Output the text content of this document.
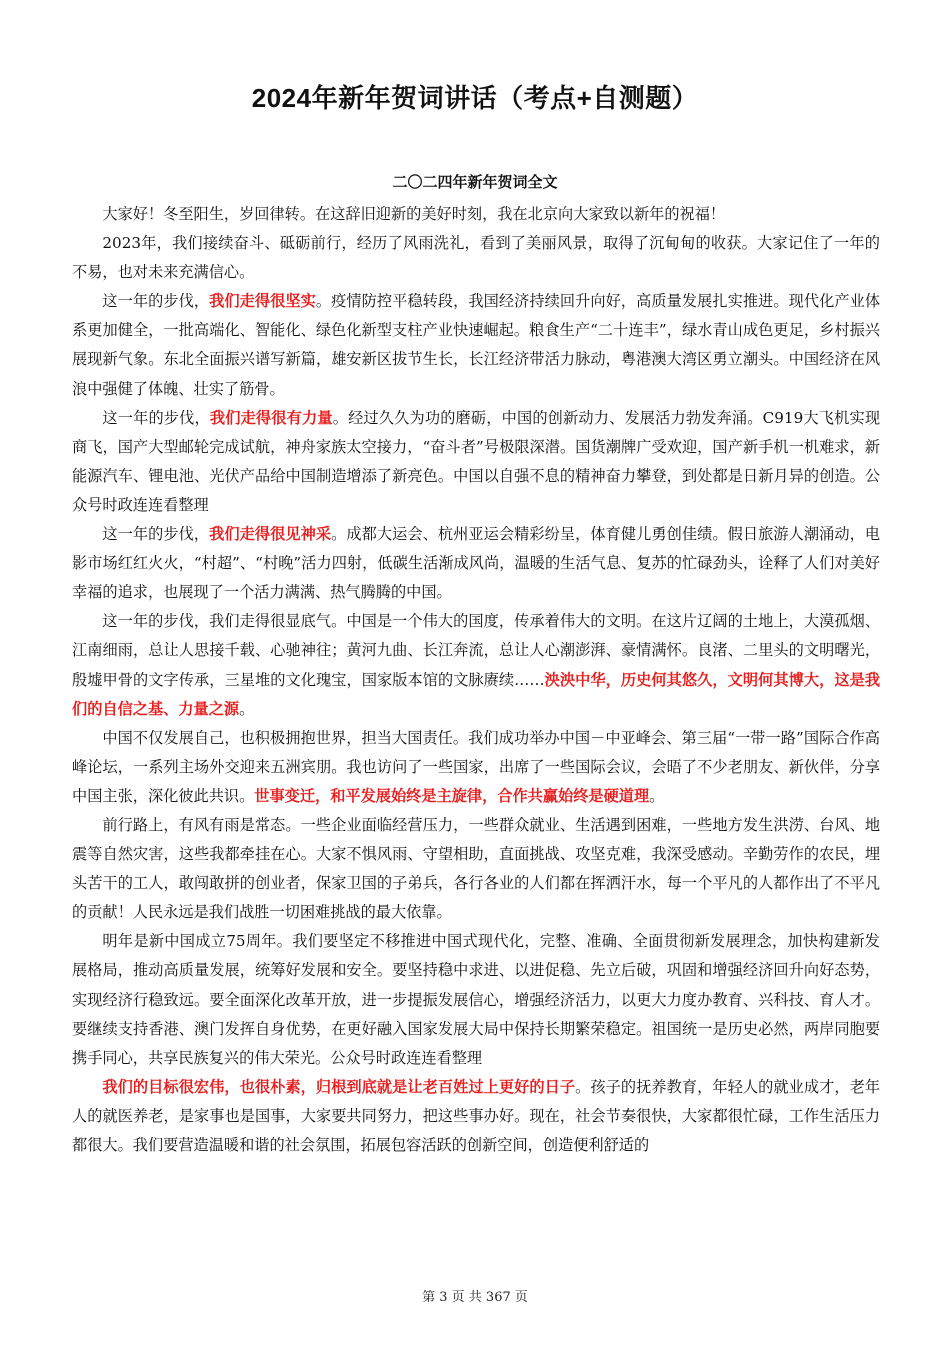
2024年新年贺词讲话（考点+自测题）
二〇二四年新年贺词全文

大家好！冬至阳生，岁回律转。在这辞旧迎新的美好时刻，我在北京向大家致以新年的祝福！

2023年，我们接续奋斗、砥砺前行，经历了风雨洗礼，看到了美丽风景，取得了沉甸甸的收获。大家记住了一年的不易，也对未来充满信心。

这一年的步伐，我们走得很坚实。疫情防控平稳转段，我国经济持续回升向好，高质量发展扎实推进。现代化产业体系更加健全，一批高端化、智能化、绿色化新型支柱产业快速崛起。粮食生产“二十连丰”，绿水青山成色更足，乡村振兴展现新气象。东北全面振兴谱写新篇，雄安新区拔节生长，长江经济带活力脉动，粤港澳大湾区勇立潮头。中国经济在风浪中强健了体魄、壮实了筋骨。

这一年的步伐，我们走得很有力量。经过久久为功的磨砺，中国的创新动力、发展活力勃发奔涌。C919大飞机实现商飞，国产大型邮轮完成试航，神舟家族太空接力，“奋斗者”号极限深潜。国货潮牌广受欢迎，国产新手机一机难求，新能源汽车、锂电池、光伏产品给中国制造增添了新亮色。中国以自强不息的精神奋力攀登，到处都是日新月异的创造。公众号时政连连看整理

这一年的步伐，我们走得很见神采。成都大运会、杭州亚运会精彩纷呈，体育健儿勇创佳绩。假日旅游人潮涌动，电影市场红红火火，“村超”、“村晚”活力四射，低碳生活渐成风尚，温暖的生活气息、复苏的忙碌劲头，诠释了人们对美好幸福的追求，也展现了一个活力满满、热气腾腾的中国。

这一年的步伐，我们走得很显底气。中国是一个伟大的国度，传承着伟大的文明。在这片辽阔的土地上，大漠孤烟、江南细雨，总让人思接千载、心驰神往；黄河九曲、长江奔流，总让人心潮澎湃、豪情满怀。良渚、二里头的文明曙光，殷墟甲骨的文字传承，三星堆的文化瑰宝，国家版本馆的文脉赓续……泱泱中华，历史何其悠久，文明何其博大，这是我们的自信之基、力量之源。

中国不仅发展自己，也积极拥抱世界，担当大国责任。我们成功举办中国－中亚峰会、第三届“一带一路”国际合作高峰论坛，一系列主场外交迎来五洲宾朋。我也访问了一些国家，出席了一些国际会议，会晤了不少老朋友、新伙伴，分享中国主张，深化彼此共识。世事变迁，和平发展始终是主旋律，合作共赢始终是硬道理。

前行路上，有风有雨是常态。一些企业面临经营压力，一些群众就业、生活遇到困难，一些地方发生洪涝、台风、地震等自然灾害，这些我都牵挂在心。大家不惧风雨、守望相助，直面挑战、攻坚克难，我深受感动。辛勤劳作的农民，埋头苦干的工人，敢闯敢拼的创业者，保家卫国的子弟兵，各行各业的人们都在挥洒汗水，每一个平凡的人都作出了不平凡的贡献！人民永远是我们战胜一切困难挑战的最大依靠。

明年是新中国成立75周年。我们要坚定不移推进中国式现代化，完整、准确、全面贯彻新发展理念，加快构建新发展格局，推动高质量发展，统筹好发展和安全。要坚持稳中求进、以进促稳、先立后破，巩固和增强经济回升向好态势，实现经济行稳致远。要全面深化改革开放，进一步提振发展信心，增强经济活力，以更大力度办教育、兴科技、育人才。要继续支持香港、澳门发挥自身优势，在更好融入国家发展大局中保持长期繁荣稳定。祖国统一是历史必然，两岸同胞要携手同心，共享民族复兴的伟大荣光。公众号时政连连看整理

我们的目标很宏伟，也很朴素，归根到底就是让老百姓过上更好的日子。孩子的抚养教育，年轻人的就业成才，老年人的就医养老，是家事也是国事，大家要共同努力，把这些事办好。现在，社会节奏很快，大家都很忙碌，工作生活压力都很大。我们要营造温暖和谐的社会氛围，拓展包容活跃的创新空间，创造便利舒适的

第 3 页 共 367 页
